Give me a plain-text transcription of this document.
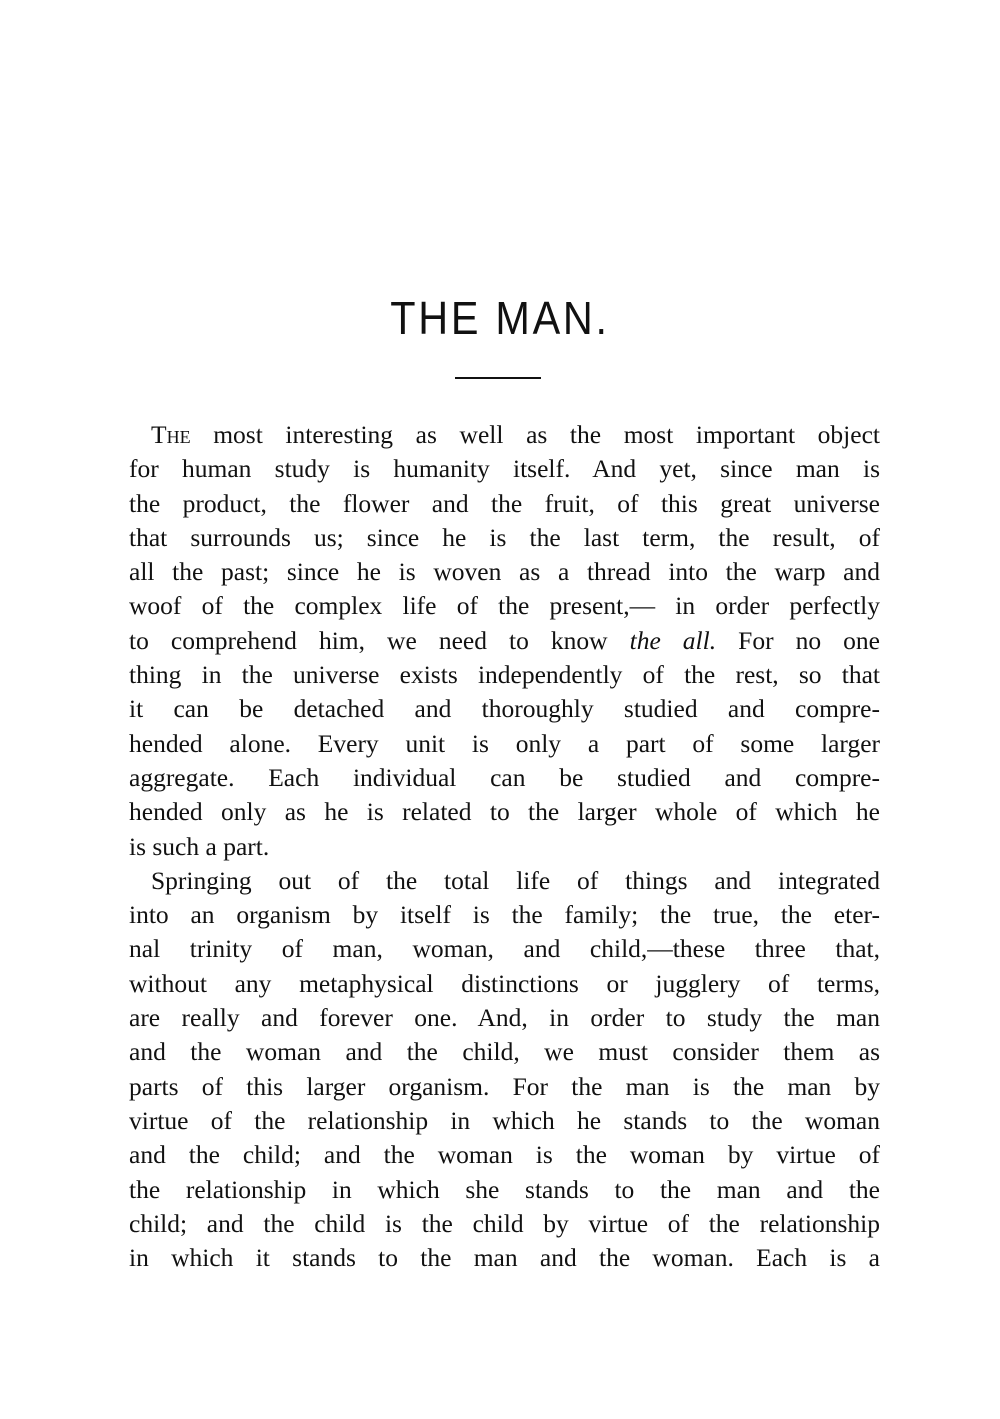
THE MAN.
The most interesting as well as the most important object
for human study is humanity itself. And yet, since man is
the product, the flower and the fruit, of this great universe
that surrounds us; since he is the last term, the result, of
all the past; since he is woven as a thread into the warp and
woof of the complex life of the present,— in order perfectly
to comprehend him, we need to know the all. For no one
thing in the universe exists independently of the rest, so that
it can be detached and thoroughly studied and compre-
hended alone. Every unit is only a part of some larger
aggregate. Each individual can be studied and compre-
hended only as he is related to the larger whole of which he
is such a part.
Springing out of the total life of things and integrated
into an organism by itself is the family; the true, the eter-
nal trinity of man, woman, and child,—these three that,
without any metaphysical distinctions or jugglery of terms,
are really and forever one. And, in order to study the man
and the woman and the child, we must consider them as
parts of this larger organism. For the man is the man by
virtue of the relationship in which he stands to the woman
and the child; and the woman is the woman by virtue of
the relationship in which she stands to the man and the
child; and the child is the child by virtue of the relationship
in which it stands to the man and the woman. Each is a
